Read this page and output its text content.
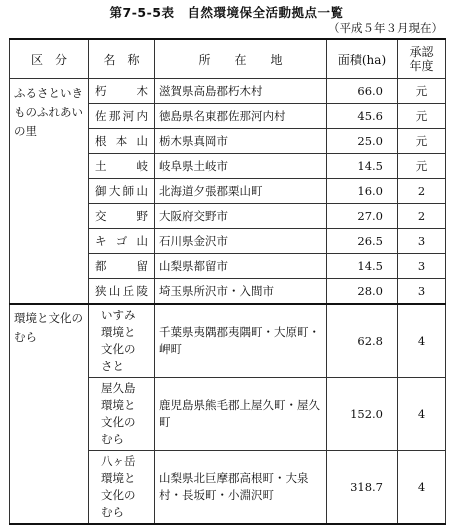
第7-5-5表　自然環境保全活動拠点一覧
（平成５年３月現在）
区　分	名　称	所　　在　　地	面積(ha)	承認
年度
ふるさといきものふれあいの里	朽　木	滋賀県高島郡朽木村	66.0	元
	佐那河内	徳島県名東郡佐那河内村	45.6	元
	根本山	栃木県真岡市	25.0	元
	土　岐	岐阜県土岐市	14.5	元
	御大師山	北海道夕張郡栗山町	16.0	2
	交　野	大阪府交野市	27.0	2
	キゴ山	石川県金沢市	26.5	3
	都　留	山梨県都留市	14.5	3
	狭山丘陵	埼玉県所沢市・入間市	28.0	3
環境と文化のむら	いすみ環境と文化のさと	千葉県夷隅郡夷隅町・大原町・岬町	62.8	4
	屋久島環境と文化のむら	鹿児島県熊毛郡上屋久町・屋久町	152.0	4
	八ヶ岳環境と文化のむら	山梨県北巨摩郡高根町・大泉村・長坂町・小淵沢町	318.7	4
